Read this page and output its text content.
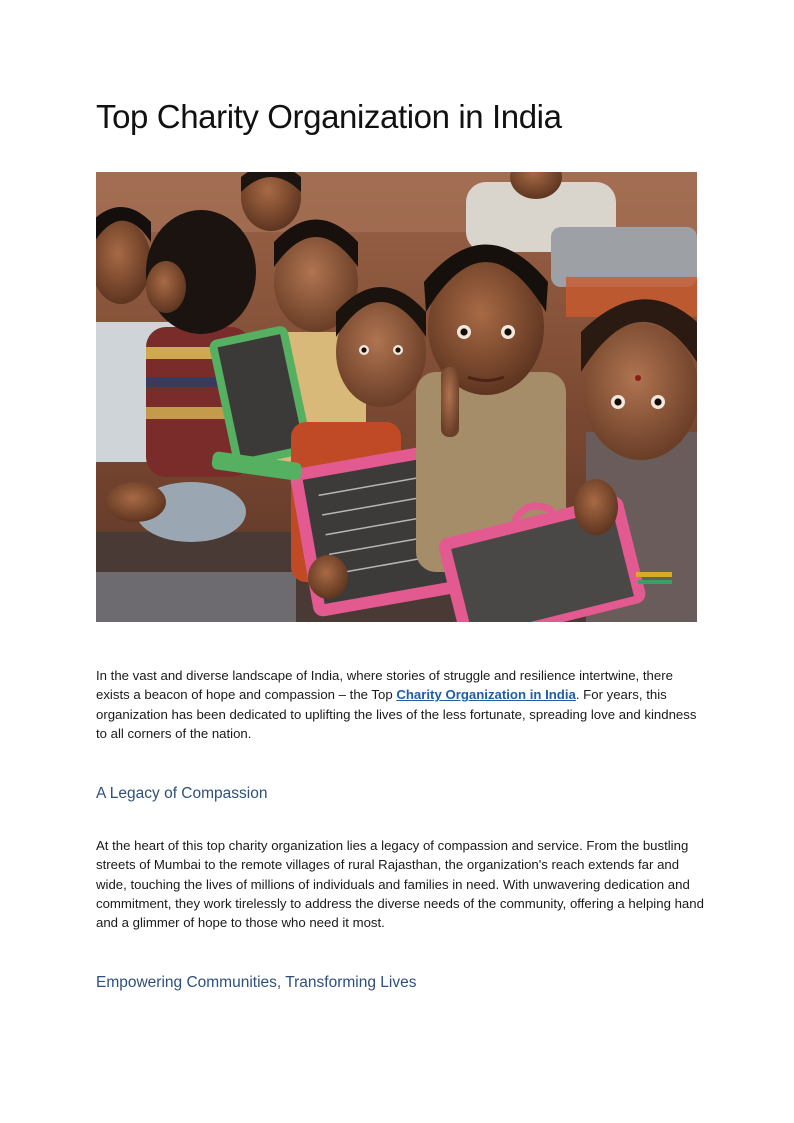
Top Charity Organization in India

In the vast and diverse landscape of India, where stories of struggle and resilience intertwine, there exists a beacon of hope and compassion – the Top Charity Organization in India. For years, this organization has been dedicated to uplifting the lives of the less fortunate, spreading love and kindness to all corners of the nation.

A Legacy of Compassion

At the heart of this top charity organization lies a legacy of compassion and service. From the bustling streets of Mumbai to the remote villages of rural Rajasthan, the organization's reach extends far and wide, touching the lives of millions of individuals and families in need. With unwavering dedication and commitment, they work tirelessly to address the diverse needs of the community, offering a helping hand and a glimmer of hope to those who need it most.

Empowering Communities, Transforming Lives
